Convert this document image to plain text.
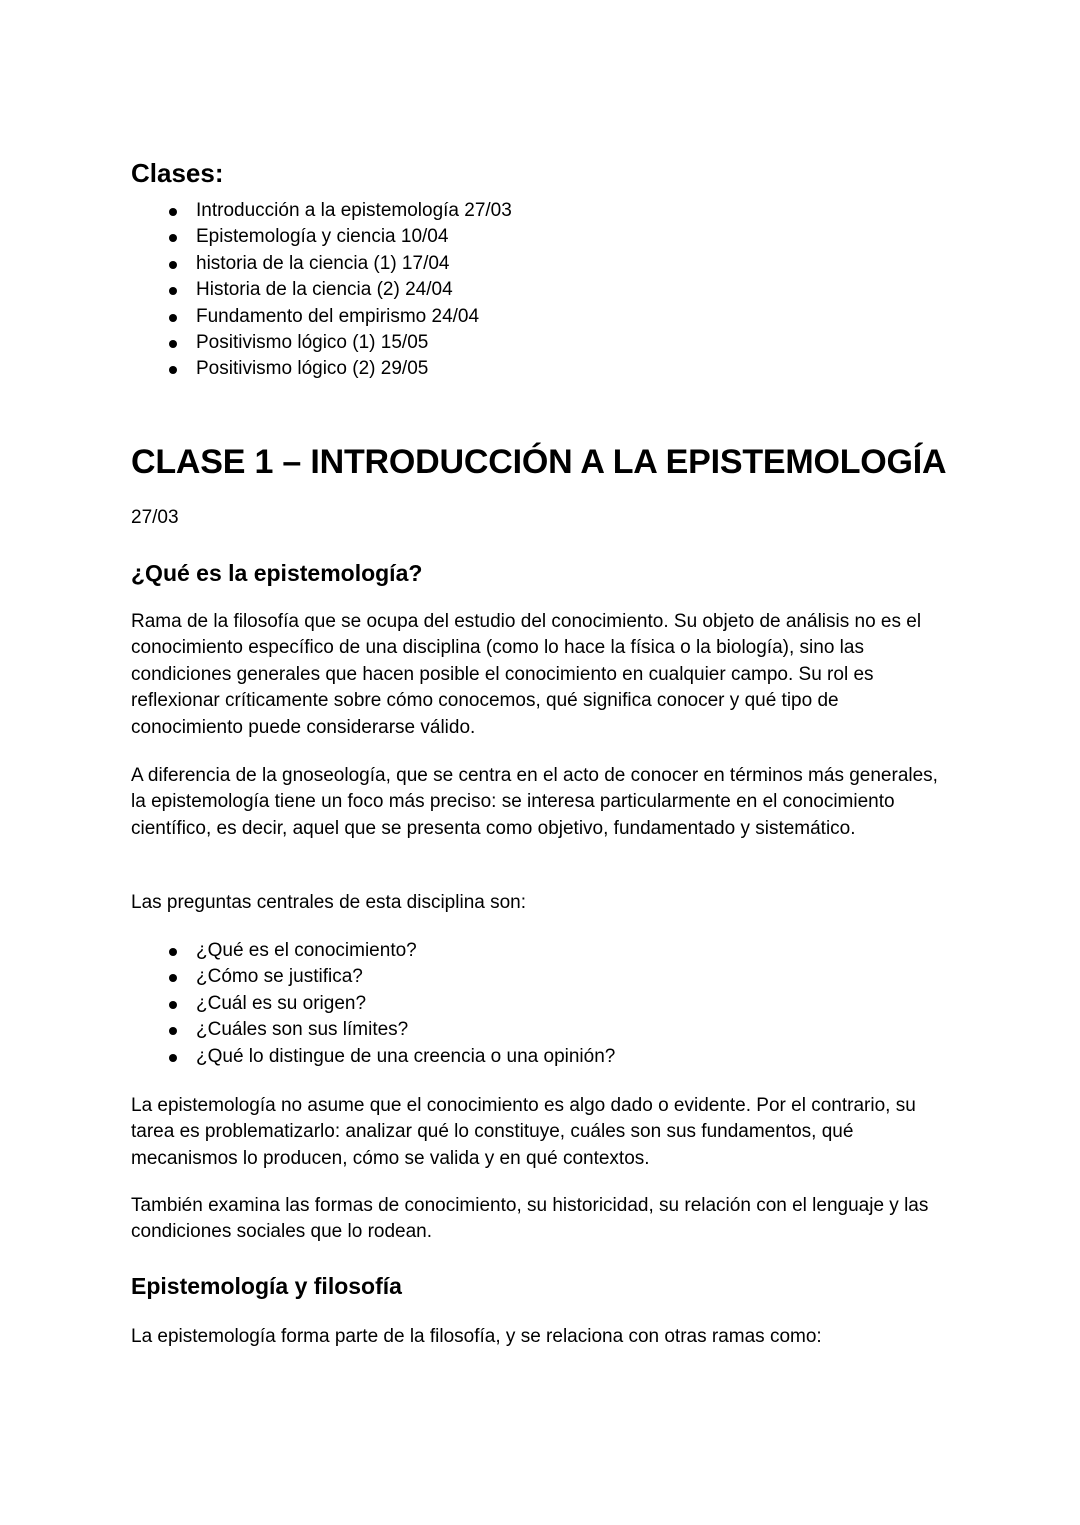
Clases:
Introducción a la epistemología 27/03
Epistemología y ciencia 10/04
historia de la ciencia (1) 17/04
Historia de la ciencia (2) 24/04
Fundamento del empirismo 24/04
Positivismo lógico (1) 15/05
Positivismo lógico (2) 29/05
CLASE 1 – INTRODUCCIÓN A LA EPISTEMOLOGÍA
27/03
¿Qué es la epistemología?

Rama de la filosofía que se ocupa del estudio del conocimiento. Su objeto de análisis no es el conocimiento específico de una disciplina (como lo hace la física o la biología), sino las condiciones generales que hacen posible el conocimiento en cualquier campo. Su rol es reflexionar críticamente sobre cómo conocemos, qué significa conocer y qué tipo de conocimiento puede considerarse válido.

A diferencia de la gnoseología, que se centra en el acto de conocer en términos más generales, la epistemología tiene un foco más preciso: se interesa particularmente en el conocimiento científico, es decir, aquel que se presenta como objetivo, fundamentado y sistemático.

Las preguntas centrales de esta disciplina son:

¿Qué es el conocimiento?
¿Cómo se justifica?
¿Cuál es su origen?
¿Cuáles son sus límites?
¿Qué lo distingue de una creencia o una opinión?

La epistemología no asume que el conocimiento es algo dado o evidente. Por el contrario, su tarea es problematizarlo: analizar qué lo constituye, cuáles son sus fundamentos, qué mecanismos lo producen, cómo se valida y en qué contextos.

También examina las formas de conocimiento, su historicidad, su relación con el lenguaje y las condiciones sociales que lo rodean.

Epistemología y filosofía

La epistemología forma parte de la filosofía, y se relaciona con otras ramas como:
